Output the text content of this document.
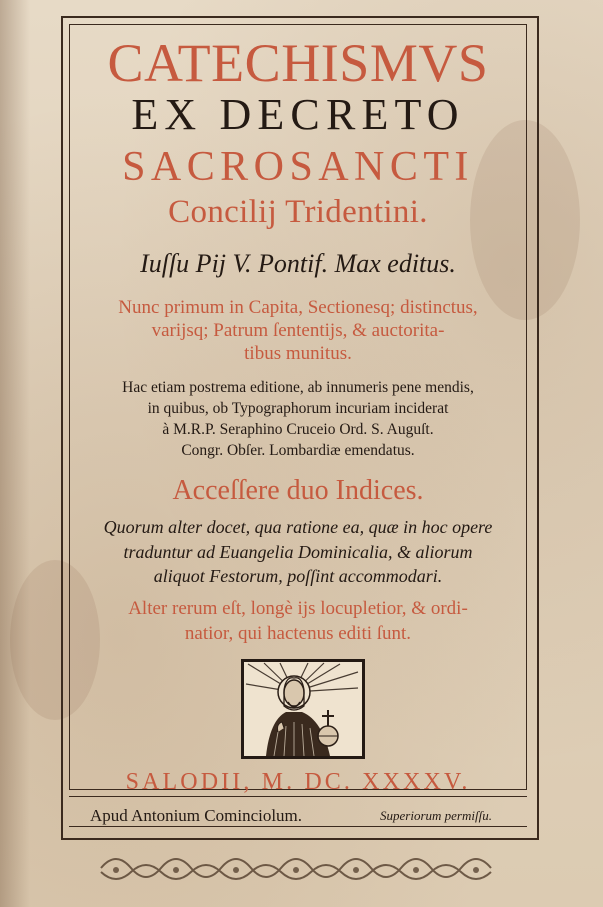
CATECHISMVS
EX DECRETO
SACROSANCTI
Concilij Tridentini.
Iuſſu Pij V. Pontif. Max editus.
Nunc primum in Capita, Sectionesq; distinctus,
varijsq; Patrum ſententijs, & auctorita-
tibus munitus.
Hac etiam postrema editione, ab innumeris pene mendis,
in quibus, ob Typographorum incuriam inciderat
à M.R.P. Seraphino Cruceio Ord. S. Auguſt.
Congr. Obſer. Lombardiæ emendatus.
Acceſſere duo Indices.
Quorum alter docet, qua ratione ea, quæ in hoc opere
traduntur ad Euangelia Dominicalia, & aliorum
aliquot Festorum, poſſint accommodari.
Alter rerum eſt, longè ijs locupletior, & ordi-
natior, qui hactenus editi ſunt.
SALODII, M. DC. XXXXV.
Apud Antonium Cominciolum.	Superiorum permiſſu.
